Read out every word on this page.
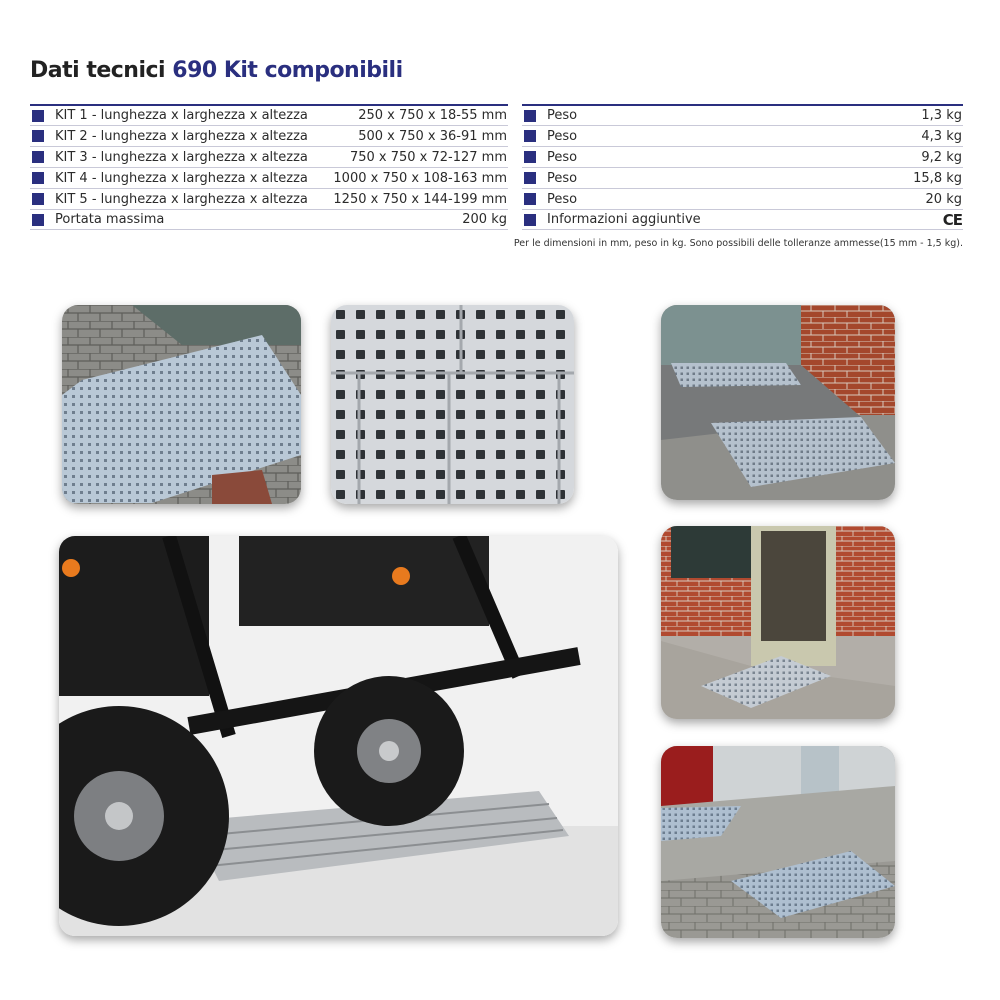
Dati tecnici 690 Kit componibili
KIT 1 - lunghezza x larghezza x altezza	250 x 750 x 18-55 mm
KIT 2 - lunghezza x larghezza x altezza	500 x 750 x 36-91 mm
KIT 3 - lunghezza x larghezza x altezza	750 x 750 x 72-127 mm
KIT 4 - lunghezza x larghezza x altezza	1000 x 750 x 108-163 mm
KIT 5 - lunghezza x larghezza x altezza	1250 x 750 x 144-199 mm
Portata massima	200 kg
Peso	1,3 kg
Peso	4,3 kg
Peso	9,2 kg
Peso	15,8 kg
Peso	20 kg
Informazioni aggiuntive	CE
Per le dimensioni in mm, peso in kg. Sono possibili delle tolleranze ammesse(15 mm - 1,5 kg).
